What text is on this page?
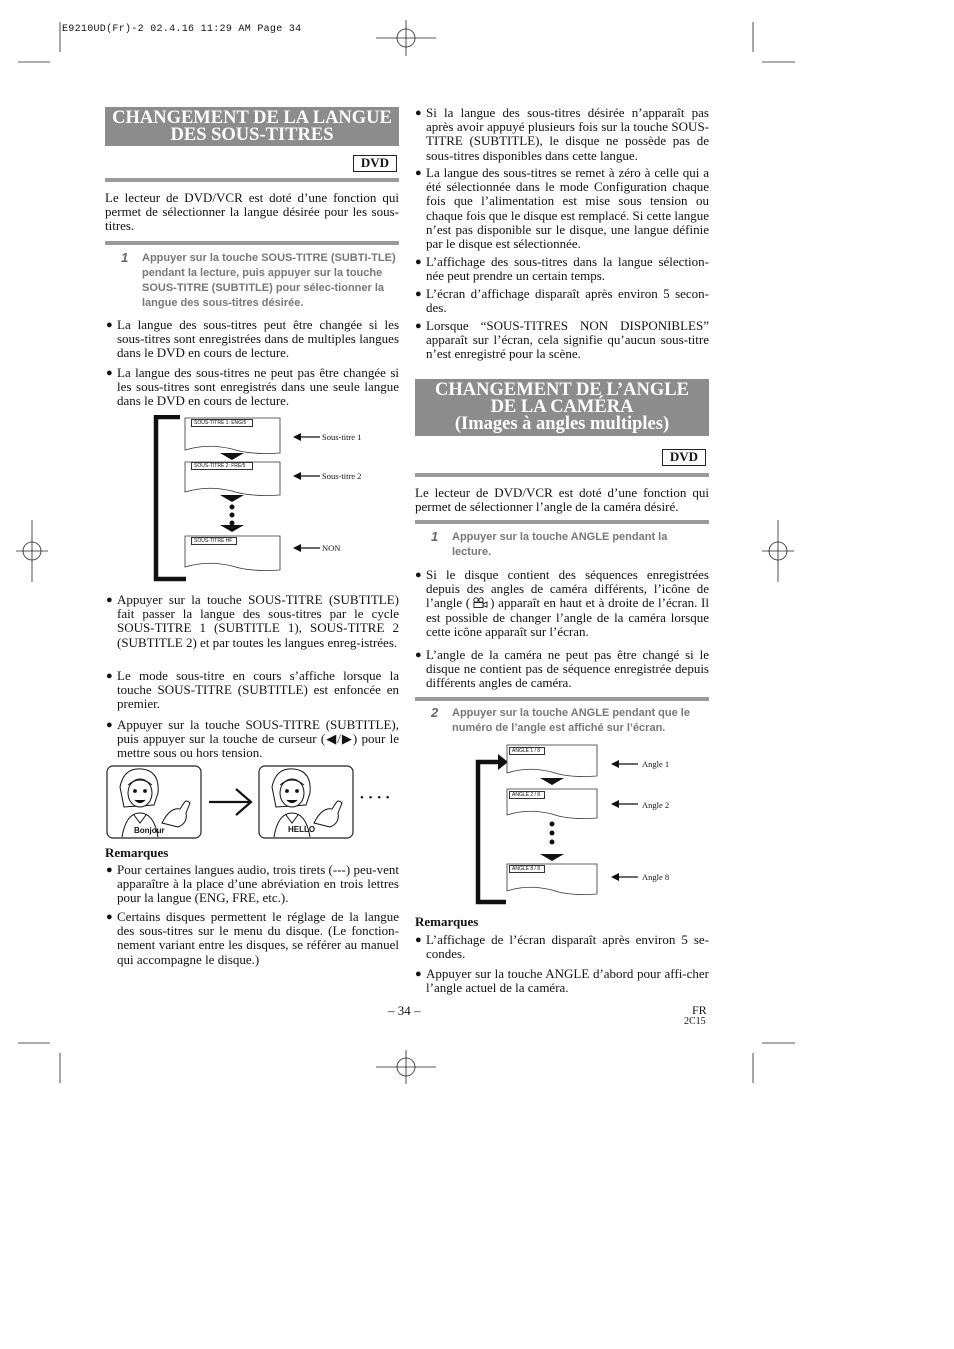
E9210UD(Fr)-2 02.4.16 11:29 AM Page 34
CHANGEMENT DE LA LANGUE
DES SOUS-TITRES
DVD
Le lecteur de DVD/VCR est doté d’une fonction qui permet de sélectionner la langue désirée pour les sous-titres.
1 Appuyer sur la touche SOUS-TITRE (SUBTI-TLE) pendant la lecture, puis appuyer sur la touche SOUS-TITRE (SUBTITLE) pour sélec-tionner la langue des sous-titres désirée.
● La langue des sous-titres peut être changée si les sous-titres sont enregistrées dans de multiples langues dans le DVD en cours de lecture.
● La langue des sous-titres ne peut pas être changée si les sous-titres sont enregistrés dans une seule langue dans le DVD en cours de lecture.
SOUS-TITRE 1: ENG/5
SOUS-TITRE 2: FRE/5
SOUS-TITRE HF
Sous-titre 1
Sous-titre 2
NON
● Appuyer sur la touche SOUS-TITRE (SUBTITLE) fait passer la langue des sous-titres par le cycle SOUS-TITRE 1 (SUBTITLE 1), SOUS-TITRE 2 (SUBTITLE 2) et par toutes les langues enreg-istrées.
● Le mode sous-titre en cours s’affiche lorsque la touche SOUS-TITRE (SUBTITLE) est enfoncée en premier.
● Appuyer sur la touche SOUS-TITRE (SUBTITLE), puis appuyer sur la touche de curseur (◀/▶) pour le mettre sous ou hors tension.
Bonjour	HELLO
• • • •
Remarques
● Pour certaines langues audio, trois tirets (---) peu-vent apparaître à la place d’une abréviation en trois lettres pour la langue (ENG, FRE, etc.).
● Certains disques permettent le réglage de la langue des sous-titres sur le menu du disque. (Le fonction-nement variant entre les disques, se référer au manuel qui accompagne le disque.)
● Si la langue des sous-titres désirée n’apparaît pas après avoir appuyé plusieurs fois sur la touche SOUS-TITRE (SUBTITLE), le disque ne possède pas de sous-titres disponibles dans cette langue.
● La langue des sous-titres se remet à zéro à celle qui a été sélectionnée dans le mode Configuration chaque fois que l’alimentation est mise sous tension ou chaque fois que le disque est remplacé. Si cette langue n’est pas disponible sur le disque, une langue définie par le disque est sélectionnée.
● L’affichage des sous-titres dans la langue sélection-née peut prendre un certain temps.
● L’écran d’affichage disparaît après environ 5 secon-des.
● Lorsque “SOUS-TITRES NON DISPONIBLES” apparaît sur l’écran, cela signifie qu’aucun sous-titre n’est enregistré pour la scène.
CHANGEMENT DE L’ANGLE
DE LA CAMÉRA
(Images à angles multiples)
DVD
Le lecteur de DVD/VCR est doté d’une fonction qui permet de sélectionner l’angle de la caméra désiré.
1 Appuyer sur la touche ANGLE pendant la lecture.
● Si le disque contient des séquences enregistrées depuis des angles de caméra différents, l’icône de l’angle ( ) apparaît en haut et à droite de l’écran. Il est possible de changer l’angle de la caméra lorsque cette icône apparaît sur l’écran.
● L’angle de la caméra ne peut pas être changé si le disque ne contient pas de séquence enregistrée depuis différents angles de caméra.
2 Appuyer sur la touche ANGLE pendant que le numéro de l’angle est affiché sur l’écran.
ANGLE 1 / 8
ANGLE 2 / 8
ANGLE 8 / 8
Angle 1
Angle 2
Angle 8
Remarques
● L’affichage de l’écran disparaît après environ 5 se-condes.
● Appuyer sur la touche ANGLE d’abord pour affi-cher l’angle actuel de la caméra.
– 34 –	FR
2C15
